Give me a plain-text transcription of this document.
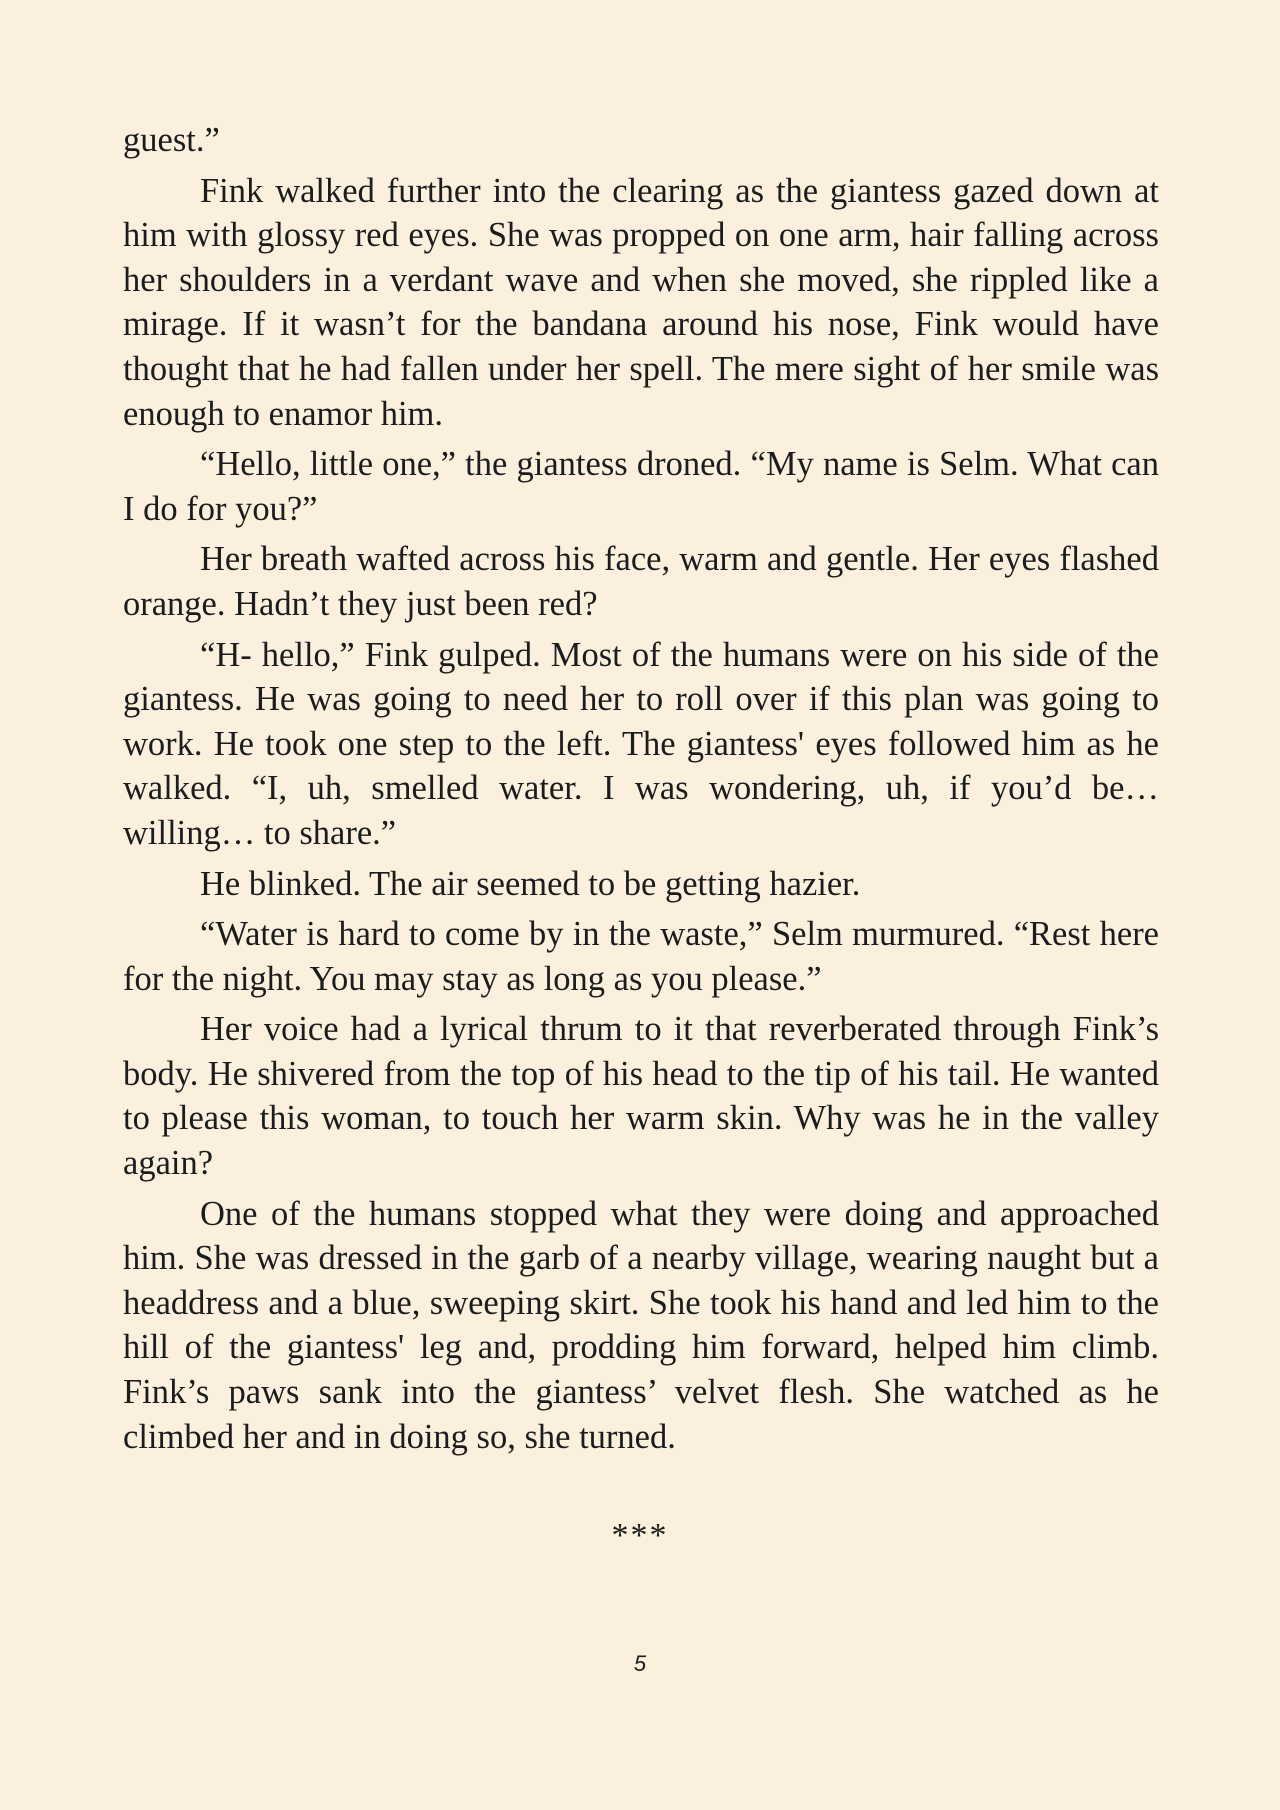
guest.”

Fink walked further into the clearing as the giantess gazed down at him with glossy red eyes. She was propped on one arm, hair falling across her shoulders in a verdant wave and when she moved, she rippled like a mirage. If it wasn’t for the bandana around his nose, Fink would have thought that he had fallen under her spell. The mere sight of her smile was enough to enamor him.

“Hello, little one,” the giantess droned. “My name is Selm. What can I do for you?”

Her breath wafted across his face, warm and gentle. Her eyes flashed orange. Hadn’t they just been red?

“H- hello,” Fink gulped. Most of the humans were on his side of the giantess. He was going to need her to roll over if this plan was going to work. He took one step to the left. The giantess' eyes followed him as he walked. “I, uh, smelled water. I was wondering, uh, if you’d be… willing… to share.”

He blinked. The air seemed to be getting hazier.

“Water is hard to come by in the waste,” Selm murmured. “Rest here for the night. You may stay as long as you please.”

Her voice had a lyrical thrum to it that reverberated through Fink’s body. He shivered from the top of his head to the tip of his tail. He wanted to please this woman, to touch her warm skin. Why was he in the valley again?

One of the humans stopped what they were doing and approached him. She was dressed in the garb of a nearby village, wearing naught but a headdress and a blue, sweeping skirt. She took his hand and led him to the hill of the giantess' leg and, prodding him forward, helped him climb. Fink’s paws sank into the giantess’ velvet flesh. She watched as he climbed her and in doing so, she turned.

***
5
